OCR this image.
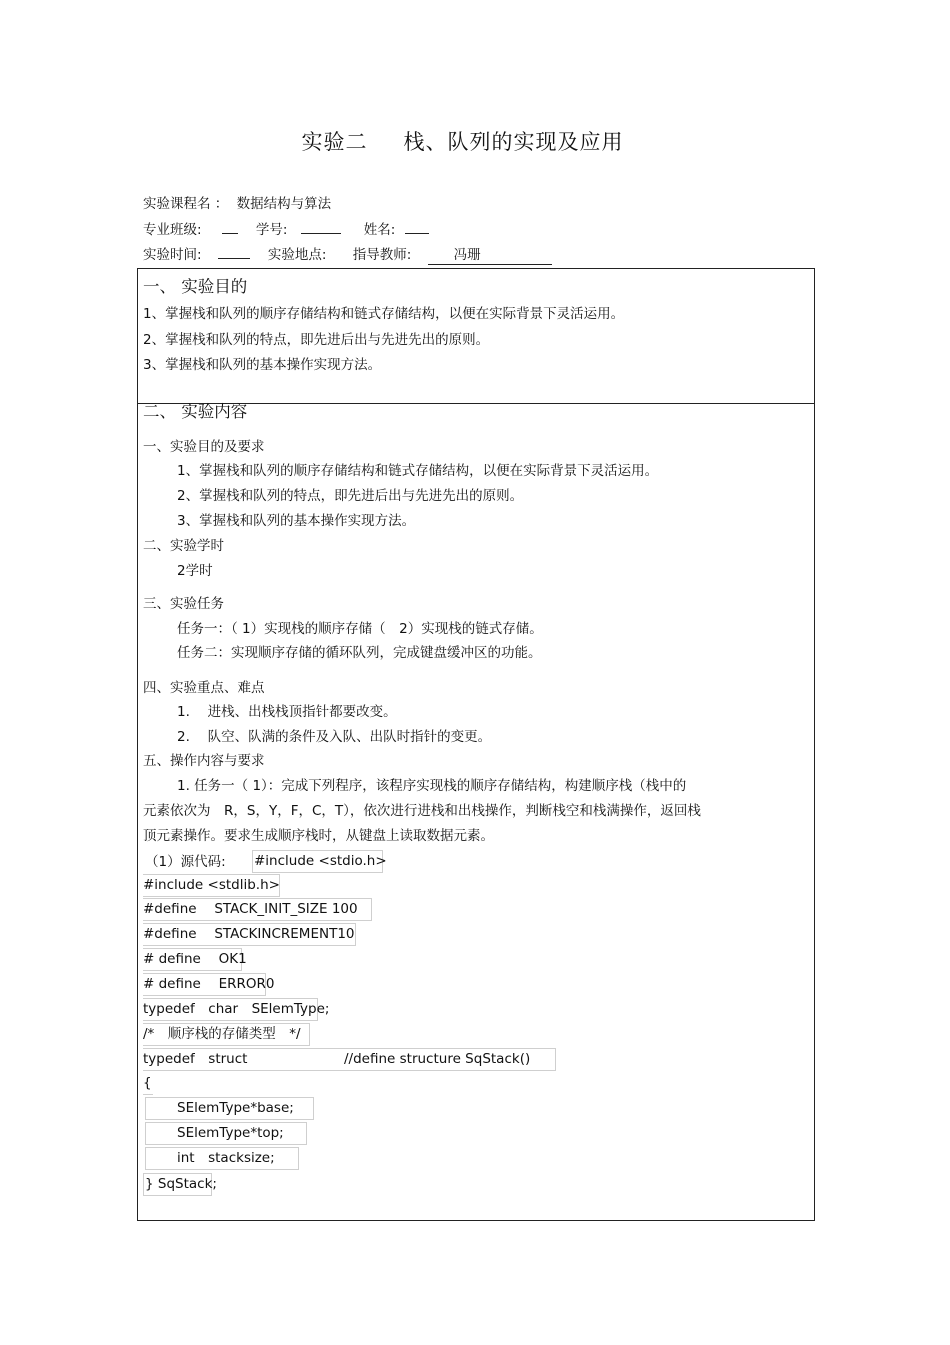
实验二 栈、队列的实现及应用
实验课程名 ： 数据结构与算法
专业班级:	学号:	姓名:
实验时间:	实验地点: 指导教师:	冯珊
一、 实验目的
1、掌握栈和队列的顺序存储结构和链式存储结构，以便在实际背景下灵活运用。
2、掌握栈和队列的特点，即先进后出与先进先出的原则。
3、掌握栈和队列的基本操作实现方法。
二、 实验内容
一、实验目的及要求
1、掌握栈和队列的顺序存储结构和链式存储结构，以便在实际背景下灵活运用。
2、掌握栈和队列的特点，即先进后出与先进先出的原则。
3、掌握栈和队列的基本操作实现方法。
二、实验学时
2学时
三、实验任务
任务一：（ 1）实现栈的顺序存储（　2）实现栈的链式存储。
任务二：实现顺序存储的循环队列，完成键盘缓冲区的功能。
四、实验重点、难点
1.　 进栈、出栈栈顶指针都要改变。
2.　 队空、队满的条件及入队、出队时指针的变更。
五、操作内容与要求
1. 任务一（ 1）：完成下列程序，该程序实现栈的顺序存储结构，构建顺序栈（栈中的
元素依次为　R，S，Y，F，C，T），依次进行进栈和出栈操作，判断栈空和栈满操作，返回栈
顶元素操作。要求生成顺序栈时，从键盘上读取数据元素。
（1）源代码: #include <stdio.h>
#include <stdlib.h>
#define　 STACK_INIT_SIZE 100
#define　 STACKINCREMENT10
# define　 OK1
# define　 ERROR0
typedef　char　SElemType;
/*　顺序栈的存储类型　*/
typedef　struct	//define structure SqStack()
{
SElemType*base;
SElemType*top;
int　stacksize;
} SqStack;
